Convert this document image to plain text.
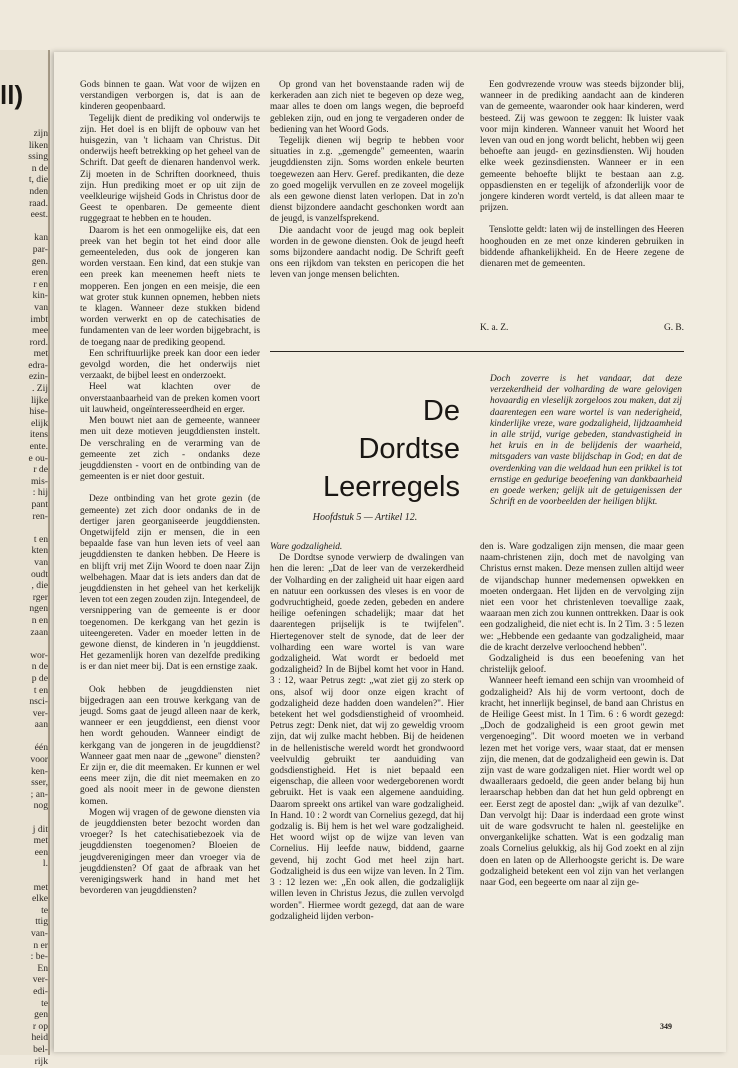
ll)
zijn
liken
ssing
n de
t, die
nden
raad.
eest.

kan
par-
gen.
eren
r en
kin-
van
imbt
mee
rord.
met
edra-
ezin-
. Zij
lijke
hise-
elijk
itens
ente.
e ou-
r de
mis-
: hij
pant
ren-

t en
kten
van
oudt
, die
rger
ngen
n en
zaan

wor-
n de
p de
t en
nsci-
ver-
aan

één
voor
ken-
sser,
; an-
nog

j dit
met
een
l.

met
elke
te
ttig
van-
n er
: be-
En
ver-
edi-
te
gen
r op
heid
bel-
rijk

Gods binnen te gaan. Wat voor de wijzen en verstandigen verborgen is, dat is aan de kinderen geopenbaard.

Tegelijk dient de prediking vol onderwijs te zijn. Het doel is en blijft de opbouw van het huisgezin, van 't lichaam van Christus. Dit onderwijs heeft betrekking op het geheel van de Schrift. Dat geeft de dienaren handenvol werk. Zij moeten in de Schriften doorkneed, thuis zijn. Hun prediking moet er op uit zijn de veelkleurige wijsheid Gods in Christus door de Geest te openbaren. De gemeente dient ruggegraat te hebben en te houden.

Daarom is het een onmogelijke eis, dat een preek van het begin tot het eind door alle gemeenteleden, dus ook de jongeren kan worden verstaan. Een kind, dat een stukje van een preek kan meenemen heeft niets te mopperen. Een jongen en een meisje, die een wat groter stuk kunnen opnemen, hebben niets te klagen. Wanneer deze stukken bidend worden verwerkt en op de catechisaties de fundamenten van de leer worden bijgebracht, is de toegang naar de prediking geopend.

Een schriftuurlijke preek kan door een ieder gevolgd worden, die het onderwijs niet verzaakt, de bijbel leest en onderzoekt.

Heel wat klachten over de onverstaanbaarheid van de preken komen voort uit lauwheid, ongeïnteresseerdheid en erger.

Men bouwt niet aan de gemeente, wanneer men uit deze motieven jeugddiensten instelt. De verschraling en de verarming van de gemeente zet zich - ondanks deze jeugddiensten - voort en de ontbinding van de gemeenten is er niet door gestuit.

Deze ontbinding van het grote gezin (de gemeente) zet zich door ondanks de in de dertiger jaren georganiseerde jeugddiensten. Ongetwijfeld zijn er mensen, die in een bepaalde fase van hun leven iets of veel aan jeugddiensten te danken hebben. De Heere is en blijft vrij met Zijn Woord te doen naar Zijn welbehagen. Maar dat is iets anders dan dat de jeugddiensten in het geheel van het kerkelijk leven tot een zegen zouden zijn. Integendeel, de versnippering van de gemeente is er door toegenomen. De kerkgang van het gezin is uiteengereten. Vader en moeder letten in de gewone dienst, de kinderen in 'n jeugddienst. Het gezamenlijk horen van dezelfde prediking is er dan niet meer bij. Dat is een ernstige zaak.

Ook hebben de jeugddiensten niet bijgedragen aan een trouwe kerkgang van de jeugd. Soms gaat de jeugd alleen naar de kerk, wanneer er een jeugddienst, een dienst voor hen wordt gehouden. Wanneer eindigt de kerkgang van de jongeren in de jeugddienst? Wanneer gaat men naar de „gewone" diensten? Er zijn er, die dit meemaken. Er kunnen er wel eens meer zijn, die dit niet meemaken en zo goed als nooit meer in de gewone diensten komen.

Mogen wij vragen of de gewone diensten via de jeugddiensten beter bezocht worden dan vroeger? Is het catechisatiebezoek via de jeugddiensten toegenomen? Bloeien de jeugdverenigingen meer dan vroeger via de jeugddiensten? Of gaat de afbraak van het verenigingswerk hand in hand met het bevorderen van jeugddiensten?

Op grond van het bovenstaande raden wij de kerkeraden aan zich niet te begeven op deze weg, maar alles te doen om langs wegen, die beproefd gebleken zijn, oud en jong te vergaderen onder de bediening van het Woord Gods.

Tegelijk dienen wij begrip te hebben voor situaties in z.g. „gemengde" gemeenten, waarin jeugddiensten zijn. Soms worden enkele beurten toegewezen aan Herv. Geref. predikanten, die deze zo goed mogelijk vervullen en ze zoveel mogelijk als een gewone dienst laten verlopen. Dat in zo'n dienst bijzondere aandacht geschonken wordt aan de jeugd, is vanzelfsprekend.

Die aandacht voor de jeugd mag ook bepleit worden in de gewone diensten. Ook de jeugd heeft soms bijzondere aandacht nodig. De Schrift geeft ons een rijkdom van teksten en pericopen die het leven van jonge mensen belichten.

Een godvrezende vrouw was steeds bijzonder blij, wanneer in de prediking aandacht aan de kinderen van de gemeente, waaronder ook haar kinderen, werd besteed. Zij was gewoon te zeggen: Ik luister vaak voor mijn kinderen. Wanneer vanuit het Woord het leven van oud en jong wordt belicht, hebben wij geen behoefte aan jeugd- en gezinsdiensten. Wij houden elke week gezinsdiensten. Wanneer er in een gemeente behoefte blijkt te bestaan aan z.g. oppasdiensten en er tegelijk of afzonderlijk voor de jongere kinderen wordt verteld, is dat alleen maar te prijzen.

Tenslotte geldt: laten wij de instellingen des Heeren hooghouden en ze met onze kinderen gebruiken in biddende afhankelijkheid. En de Heere zegene de dienaren met de gemeenten.

K. a. Z.	G. B.
De
Dordtse
Leerregels
Hoofdstuk 5 — Artikel 12.
Doch zoverre is het vandaar, dat deze verzekerdheid der volharding de ware gelovigen hovaardig en vleselijk zorgeloos zou maken, dat zij daarentegen een ware wortel is van nederigheid, kinderlijke vreze, ware godzaligheid, lijdzaamheid in alle strijd, vurige gebeden, standvastigheid in het kruis en in de belijdenis der waarheid, mitsgaders van vaste blijdschap in God; en dat de overdenking van die weldaad hun een prikkel is tot ernstige en gedurige beoefening van dankbaarheid en goede werken; gelijk uit de getuigenissen der Schrift en de voorbeelden der heiligen blijkt.

Ware godzaligheid.

De Dordtse synode verwierp de dwalingen van hen die leren: „Dat de leer van de verzekerdheid der Volharding en der zaligheid uit haar eigen aard en natuur een oorkussen des vleses is en voor de godvruchtigheid, goede zeden, gebeden en andere heilige oefeningen schadelijk; maar dat het daarentegen prijselijk is te twijfelen". Hiertegenover stelt de synode, dat de leer der volharding een ware wortel is van ware godzaligheid. Wat wordt er bedoeld met godzaligheid? In de Bijbel komt het voor in Hand. 3 : 12, waar Petrus zegt: „wat ziet gij zo sterk op ons, alsof wij door onze eigen kracht of godzaligheid deze hadden doen wandelen?". Hier betekent het wel godsdienstigheid of vroomheid. Petrus zegt: Denk niet, dat wij zo geweldig vroom zijn, dat wij zulke macht hebben. Bij de heidenen in de hellenistische wereld wordt het grondwoord veelvuldig gebruikt ter aanduiding van godsdienstigheid. Het is niet bepaald een eigenschap, die alleen voor wedergeborenen wordt gebruikt. Het is vaak een algemene aanduiding. Daarom spreekt ons artikel van ware godzaligheid. In Hand. 10 : 2 wordt van Cornelius gezegd, dat hij godzalig is. Bij hem is het wel ware godzaligheid. Het woord wijst op de wijze van leven van Cornelius. Hij leefde nauw, biddend, gaarne gevend, hij zocht God met heel zijn hart. Godzaligheid is dus een wijze van leven. In 2 Tim. 3 : 12 lezen we: „En ook allen, die godzaliglijk willen leven in Christus Jezus, die zullen vervolgd worden". Hiermee wordt gezegd, dat aan de ware godzaligheid lijden verbon-

den is. Ware godzaligen zijn mensen, die maar geen naam-christenen zijn, doch met de navolging van Christus ernst maken. Deze mensen zullen altijd weer de vijandschap hunner medemensen opwekken en moeten ondergaan. Het lijden en de vervolging zijn niet een voor het christenleven toevallige zaak, waaraan men zich zou kunnen onttrekken. Daar is ook een godzaligheid, die niet echt is. In 2 Tim. 3 : 5 lezen we: „Hebbende een gedaante van godzaligheid, maar die de kracht derzelve verloochend hebben".

Godzaligheid is dus een beoefening van het christelijk geloof.

Wanneer heeft iemand een schijn van vroomheid of godzaligheid? Als hij de vorm vertoont, doch de kracht, het innerlijk beginsel, de band aan Christus en de Heilige Geest mist. In 1 Tim. 6 : 6 wordt gezegd: „Doch de godzaligheid is een groot gewin met vergenoeging". Dit woord moeten we in verband lezen met het vorige vers, waar staat, dat er mensen zijn, die menen, dat de godzaligheid een gewin is. Dat zijn vast de ware godzaligen niet. Hier wordt wel op dwaalleraars gedoeld, die geen ander belang bij hun leraarschap hebben dan dat het hun geld opbrengt en eer. Eerst zegt de apostel dan: „wijk af van dezulke". Dan vervolgt hij: Daar is inderdaad een grote winst uit de ware godsvrucht te halen nl. geestelijke en onvergankelijke schatten. Wat is een godzalig man zoals Cornelius gelukkig, als hij God zoekt en al zijn doen en laten op de Allerhoogste gericht is. De ware godzaligheid betekent een vol zijn van het verlangen naar God, een begeerte om naar al zijn ge-

349
